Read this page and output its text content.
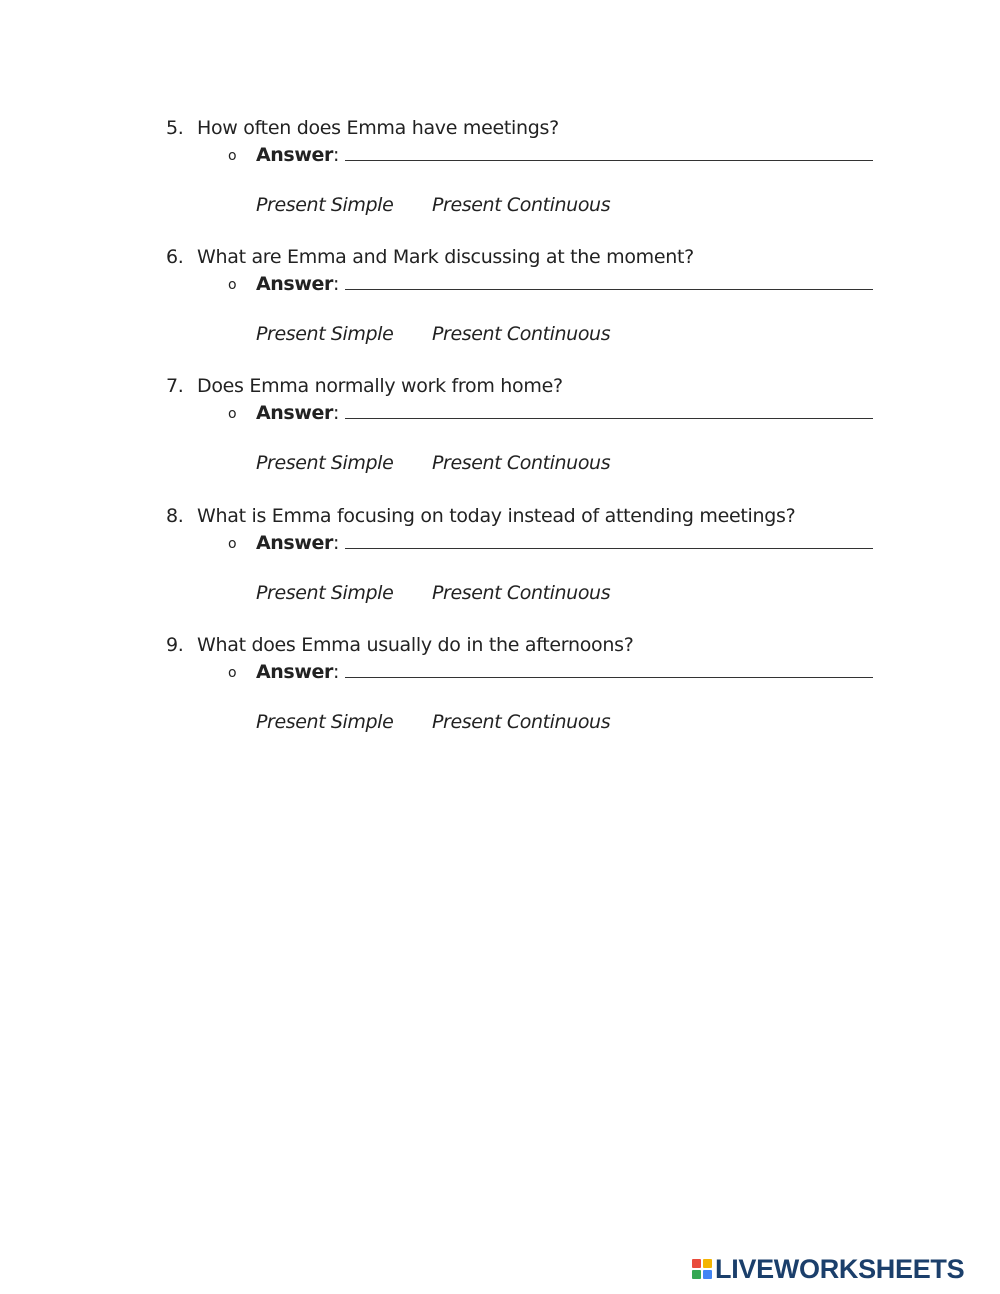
5. How often does Emma have meetings?
o Answer:
Present Simple Present Continuous
6. What are Emma and Mark discussing at the moment?
o Answer:
Present Simple Present Continuous
7. Does Emma normally work from home?
o Answer:
Present Simple Present Continuous
8. What is Emma focusing on today instead of attending meetings?
o Answer:
Present Simple Present Continuous
9. What does Emma usually do in the afternoons?
o Answer:
Present Simple Present Continuous
LIVEWORKSHEETS
